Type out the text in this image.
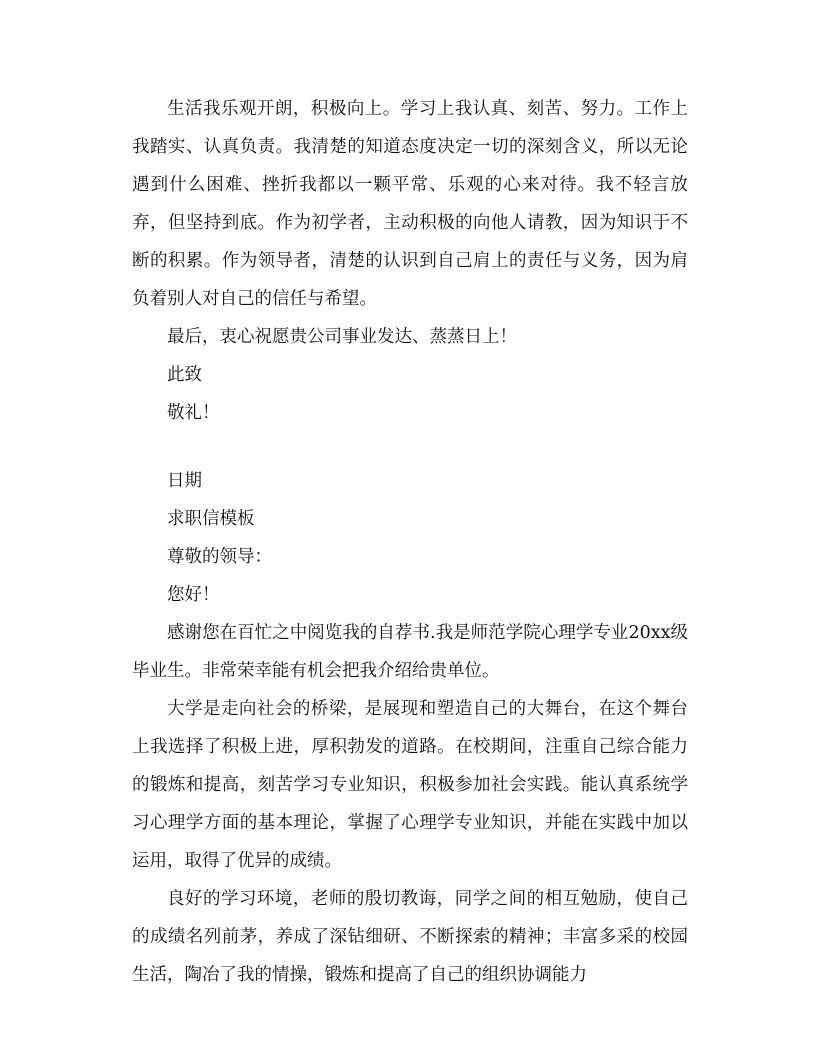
生活我乐观开朗，积极向上。学习上我认真、刻苦、努力。工作上我踏实、认真负责。我清楚的知道态度决定一切的深刻含义，所以无论遇到什么困难、挫折我都以一颗平常、乐观的心来对待。我不轻言放弃，但坚持到底。作为初学者，主动积极的向他人请教，因为知识于不断的积累。作为领导者，清楚的认识到自己肩上的责任与义务，因为肩负着别人对自己的信任与希望。

最后，衷心祝愿贵公司事业发达、蒸蒸日上！

此致

敬礼！

日期

求职信模板

尊敬的领导：

您好！

感谢您在百忙之中阅览我的自荐书.我是师范学院心理学专业20xx级毕业生。非常荣幸能有机会把我介绍给贵单位。

大学是走向社会的桥梁，是展现和塑造自己的大舞台，在这个舞台上我选择了积极上进，厚积勃发的道路。在校期间，注重自己综合能力的锻炼和提高，刻苦学习专业知识，积极参加社会实践。能认真系统学习心理学方面的基本理论，掌握了心理学专业知识，并能在实践中加以运用，取得了优异的成绩。

良好的学习环境，老师的殷切教诲，同学之间的相互勉励，使自己的成绩名列前茅，养成了深钻细研、不断探索的精神；丰富多采的校园生活，陶冶了我的情操，锻炼和提高了自己的组织协调能力
